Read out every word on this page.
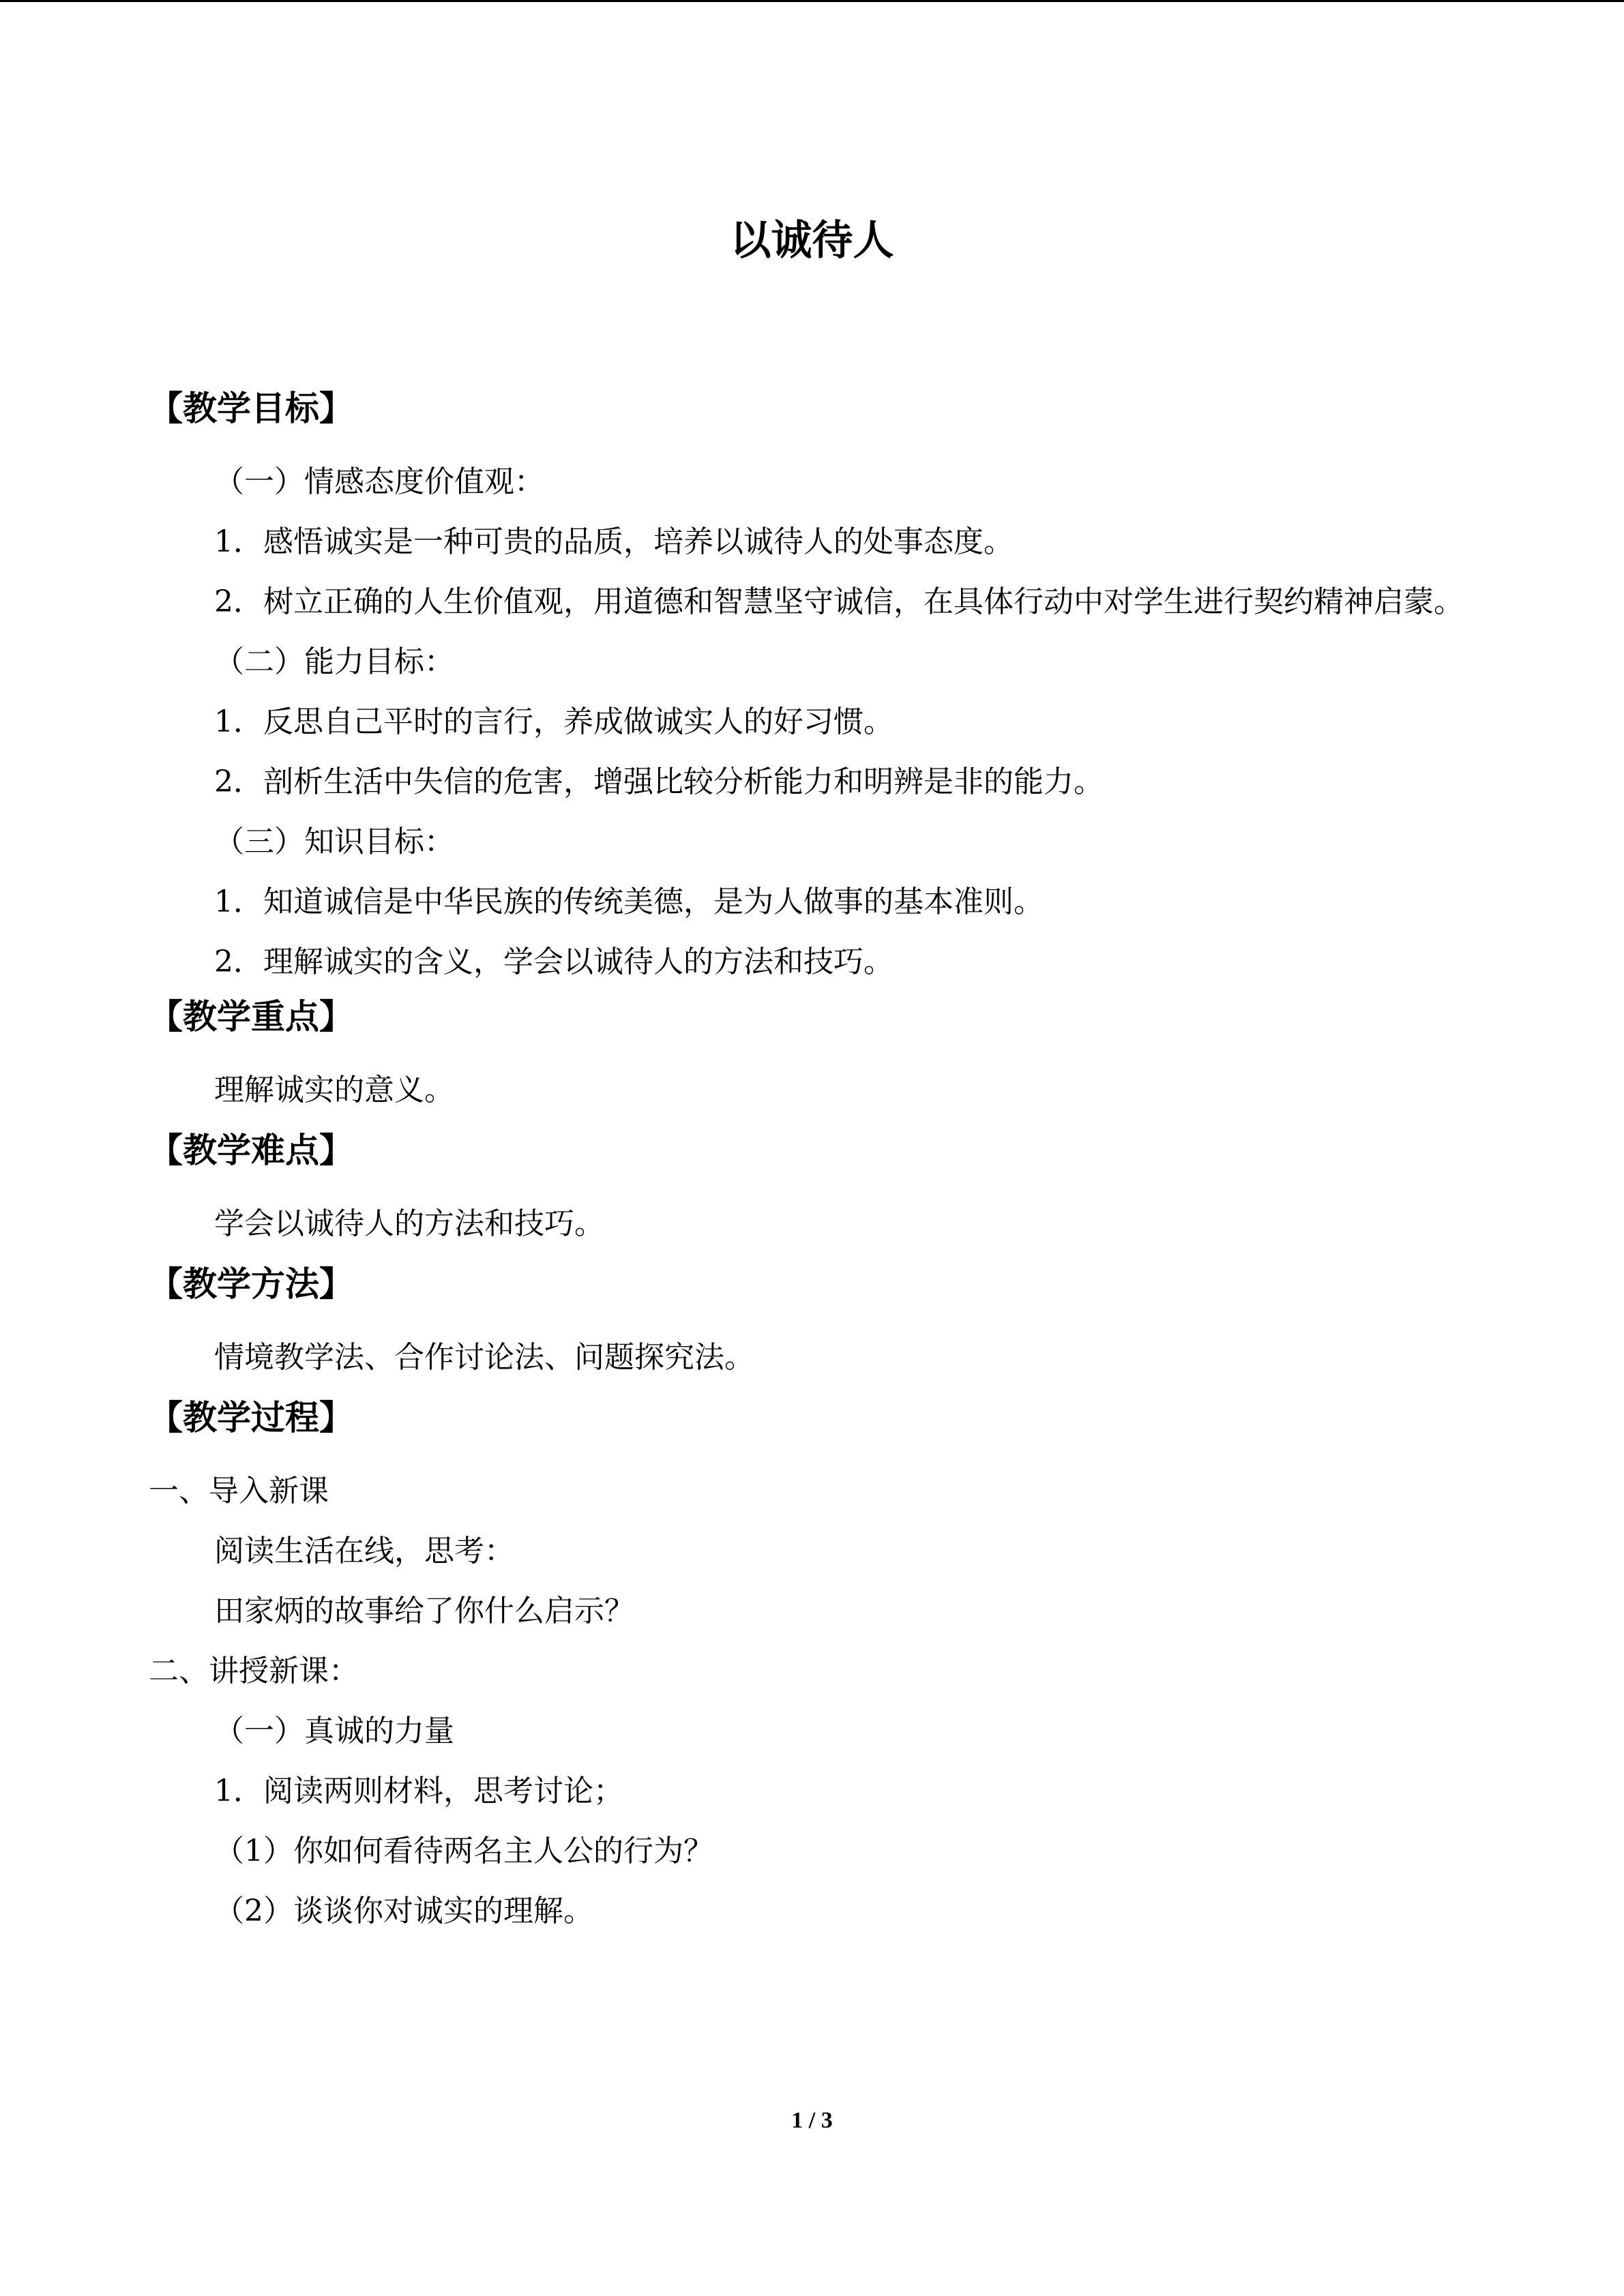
以诚待人
【教学目标】

（一）情感态度价值观：

1．感悟诚实是一种可贵的品质，培养以诚待人的处事态度。

2．树立正确的人生价值观，用道德和智慧坚守诚信，在具体行动中对学生进行契约精神启蒙。

（二）能力目标：

1．反思自己平时的言行，养成做诚实人的好习惯。

2．剖析生活中失信的危害，增强比较分析能力和明辨是非的能力。

（三）知识目标：

1．知道诚信是中华民族的传统美德，是为人做事的基本准则。

2．理解诚实的含义，学会以诚待人的方法和技巧。

【教学重点】

理解诚实的意义。

【教学难点】

学会以诚待人的方法和技巧。

【教学方法】

情境教学法、合作讨论法、问题探究法。

【教学过程】

一、导入新课

阅读生活在线，思考：

田家炳的故事给了你什么启示？

二、讲授新课：

（一）真诚的力量

1．阅读两则材料，思考讨论；

（1）你如何看待两名主人公的行为？

（2）谈谈你对诚实的理解。

1 / 3
